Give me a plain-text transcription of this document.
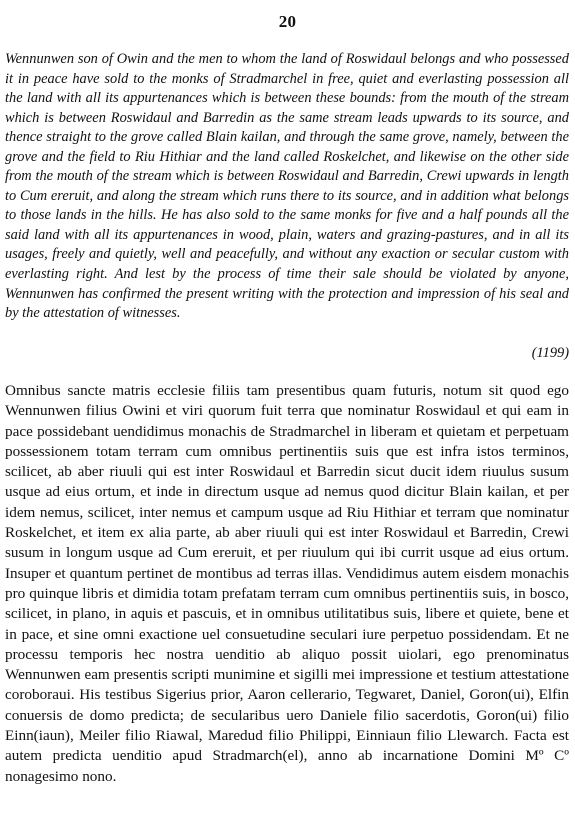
20

Wennunwen son of Owin and the men to whom the land of Roswidaul belongs and who possessed it in peace have sold to the monks of Stradmarchel in free, quiet and everlasting possession all the land with all its appurtenances which is between these bounds: from the mouth of the stream which is between Roswidaul and Barredin as the same stream leads upwards to its source, and thence straight to the grove called Blain kailan, and through the same grove, namely, between the grove and the field to Riu Hithiar and the land called Roskelchet, and likewise on the other side from the mouth of the stream which is between Roswidaul and Barredin, Crewi upwards in length to Cum ereruit, and along the stream which runs there to its source, and in addition what belongs to those lands in the hills. He has also sold to the same monks for five and a half pounds all the said land with all its appurtenances in wood, plain, waters and grazing-pastures, and in all its usages, freely and quietly, well and peacefully, and without any exaction or secular custom with everlasting right. And lest by the process of time their sale should be violated by anyone, Wennunwen has confirmed the present writing with the protection and impression of his seal and by the attestation of witnesses.

(1199)

Omnibus sancte matris ecclesie filiis tam presentibus quam futuris, notum sit quod ego Wennunwen filius Owini et viri quorum fuit terra que nominatur Roswidaul et qui eam in pace possidebant uendidimus monachis de Stradmarchel in liberam et quietam et perpetuam possessionem totam terram cum omnibus pertinentiis suis que est infra istos terminos, scilicet, ab aber riuuli qui est inter Roswidaul et Barredin sicut ducit idem riuulus susum usque ad eius ortum, et inde in directum usque ad nemus quod dicitur Blain kailan, et per idem nemus, scilicet, inter nemus et campum usque ad Riu Hithiar et terram que nominatur Roskelchet, et item ex alia parte, ab aber riuuli qui est inter Roswidaul et Barredin, Crewi susum in longum usque ad Cum ereruit, et per riuulum qui ibi currit usque ad eius ortum. Insuper et quantum pertinet de montibus ad terras illas. Vendidimus autem eisdem monachis pro quinque libris et dimidia totam prefatam terram cum omnibus pertinentiis suis, in bosco, scilicet, in plano, in aquis et pascuis, et in omnibus utilitatibus suis, libere et quiete, bene et in pace, et sine omni exactione uel consuetudine seculari iure perpetuo possidendam. Et ne processu temporis hec nostra uenditio ab aliquo possit uiolari, ego prenominatus Wennunwen eam presentis scripti munimine et sigilli mei impressione et testium attestatione coroboraui. His testibus Sigerius prior, Aaron cellerario, Tegwaret, Daniel, Goron(ui), Elfin conuersis de domo predicta; de secularibus uero Daniele filio sacerdotis, Goron(ui) filio Einn(iaun), Meiler filio Riawal, Maredud filio Philippi, Einniaun filio Llewarch. Facta est autem predicta uenditio apud Stradmarch(el), anno ab incarnatione Domini Mº Cº nonagesimo nono.
